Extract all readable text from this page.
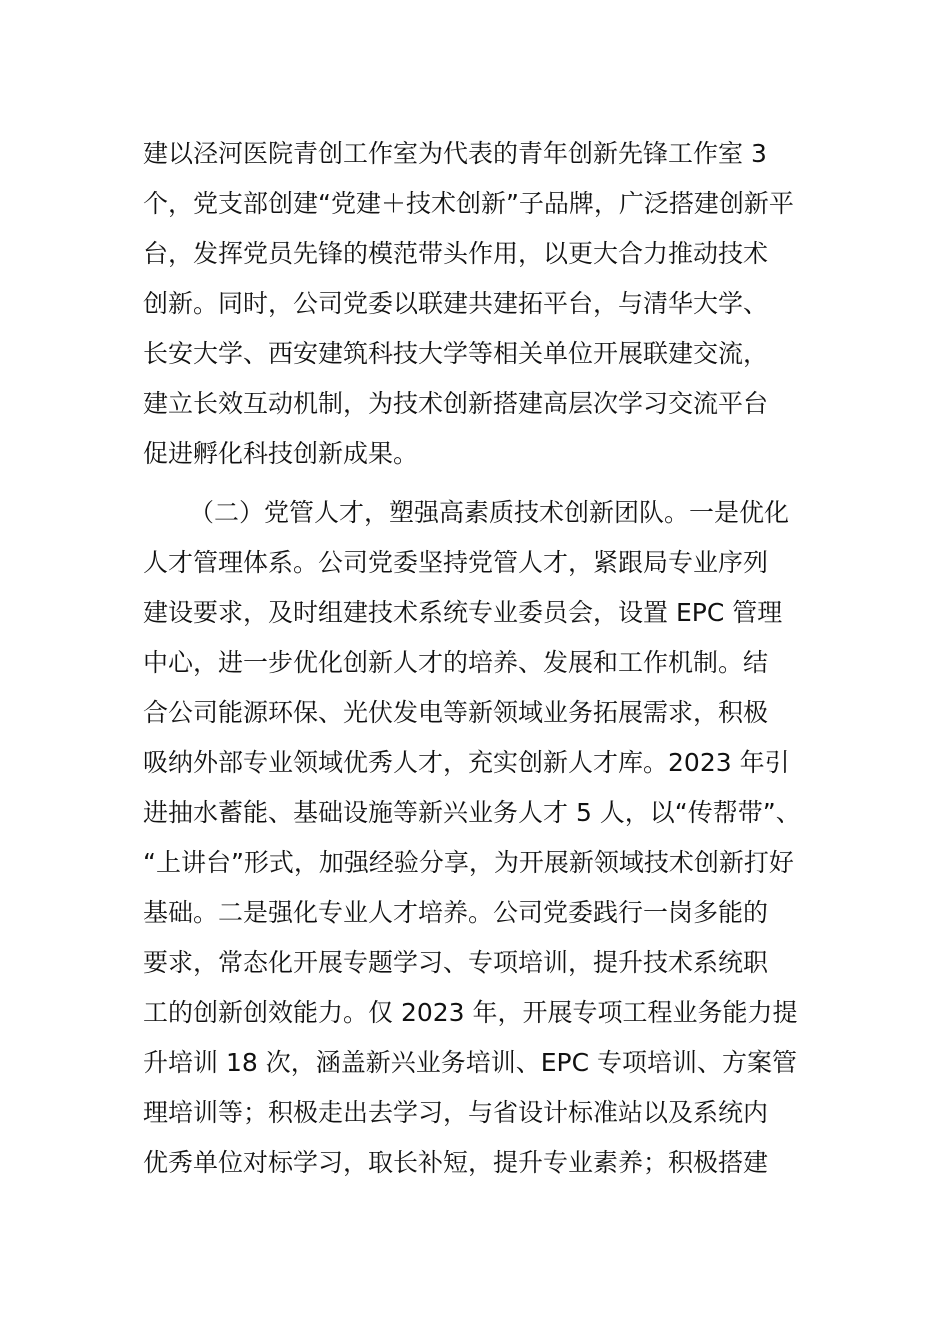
建以泾河医院青创工作室为代表的青年创新先锋工作室 3
个，党支部创建“党建＋技术创新”子品牌，广泛搭建创新平
台，发挥党员先锋的模范带头作用，以更大合力推动技术
创新。同时，公司党委以联建共建拓平台，与清华大学、
长安大学、西安建筑科技大学等相关单位开展联建交流，
建立长效互动机制，为技术创新搭建高层次学习交流平台
促进孵化科技创新成果。
（二）党管人才，塑强高素质技术创新团队。一是优化
人才管理体系。公司党委坚持党管人才，紧跟局专业序列
建设要求，及时组建技术系统专业委员会，设置 EPC 管理
中心，进一步优化创新人才的培养、发展和工作机制。结
合公司能源环保、光伏发电等新领域业务拓展需求，积极
吸纳外部专业领域优秀人才，充实创新人才库。2023 年引
进抽水蓄能、基础设施等新兴业务人才 5 人，以“传帮带”、
“上讲台”形式，加强经验分享，为开展新领域技术创新打好
基础。二是强化专业人才培养。公司党委践行一岗多能的
要求，常态化开展专题学习、专项培训，提升技术系统职
工的创新创效能力。仅 2023 年，开展专项工程业务能力提
升培训 18 次，涵盖新兴业务培训、EPC 专项培训、方案管
理培训等；积极走出去学习，与省设计标准站以及系统内
优秀单位对标学习，取长补短，提升专业素养；积极搭建
